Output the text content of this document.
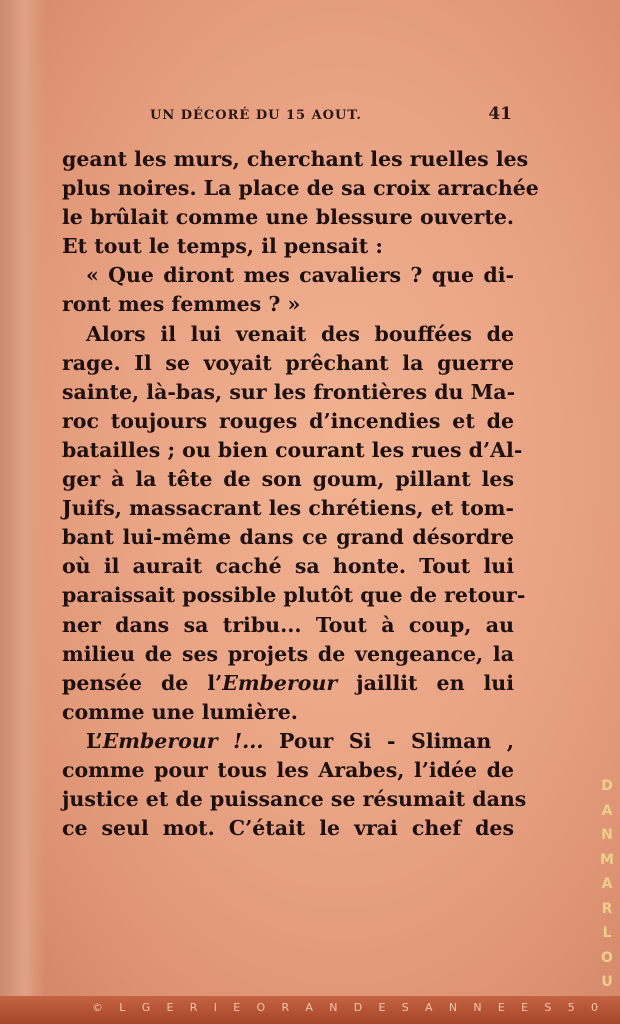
UN DÉCORÉ DU 15 AOUT.	41
geant les murs, cherchant les ruelles les
plus noires. La place de sa croix arrachée
le brûlait comme une blessure ouverte.
Et tout le temps, il pensait :
« Que diront mes cavaliers ? que di-
ront mes femmes ? »
Alors il lui venait des bouffées de
rage. Il se voyait prêchant la guerre
sainte, là-bas, sur les frontières du Ma-
roc toujours rouges d’incendies et de
batailles ; ou bien courant les rues d’Al-
ger à la tête de son goum, pillant les
Juifs, massacrant les chrétiens, et tom-
bant lui-même dans ce grand désordre
où il aurait caché sa honte. Tout lui
paraissait possible plutôt que de retour-
ner dans sa tribu... Tout à coup, au
milieu de ses projets de vengeance, la
pensée de l’Emberour jaillit en lui
comme une lumière.
L’Emberour !... Pour Si - Sliman ,
comme pour tous les Arabes, l’idée de
justice et de puissance se résumait dans
ce seul mot. C’était le vrai chef des
D
A
N
M
A
R
L
O
U
© L G E R I E O R A N D E S A N N E E S 5 0
